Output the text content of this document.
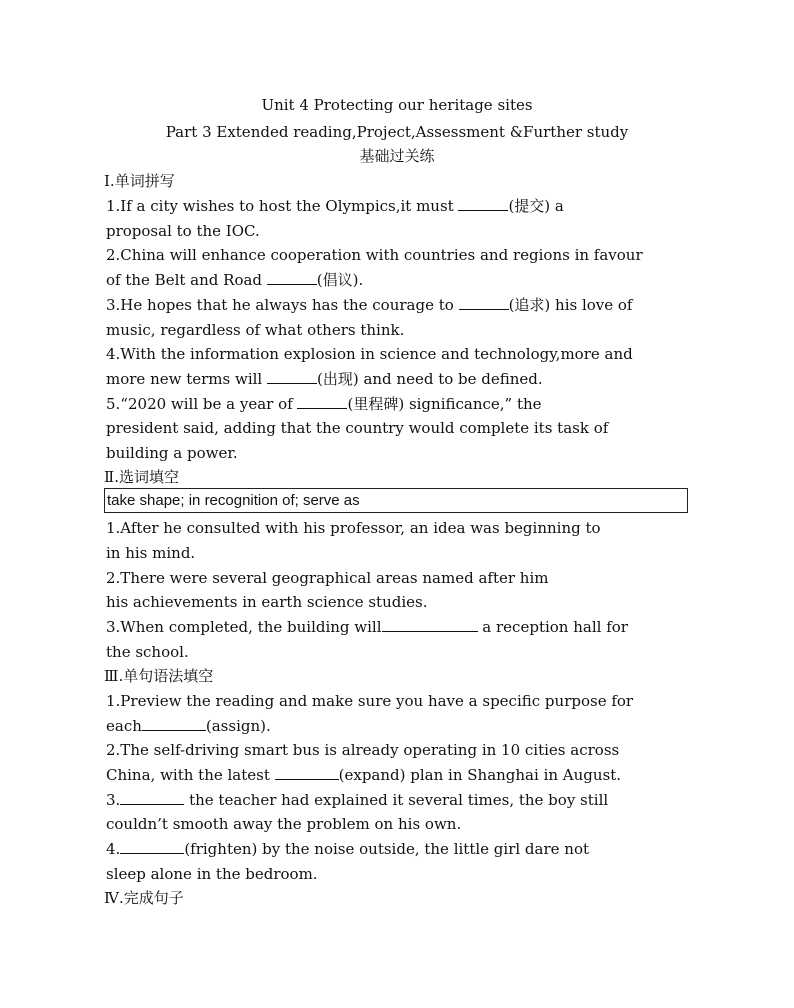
Unit 4 Protecting our heritage sites
Part 3 Extended reading,Project,Assessment &Further study
基础过关练
Ⅰ.单词拼写
1.If a city wishes to host the Olympics,it must	(提交) a
proposal to the IOC.
2.China will enhance cooperation with countries and regions in favour
of the Belt and Road	(倡议).
3.He hopes that he always has the courage to	(追求) his love of
music, regardless of what others think.
4.With the information explosion in science and technology,more and
more new terms will	(出现) and need to be defined.
5.“2020 will be a year of	(里程碑) significance,” the
president said, adding that the country would complete its task of
building a power.
Ⅱ.选词填空
take shape; in recognition of; serve as
1.After he consulted with his professor, an idea was beginning to
in his mind.
2.There were several geographical areas named after him
his achievements in earth science studies.
3.When completed, the building will	a reception hall for
the school.
Ⅲ.单句语法填空
1.Preview the reading and make sure you have a specific purpose for
each	(assign).
2.The self-driving smart bus is already operating in 10 cities across
China, with the latest	(expand) plan in Shanghai in August.
3.	the teacher had explained it several times, the boy still
couldn’t smooth away the problem on his own.
4.	(frighten) by the noise outside, the little girl dare not
sleep alone in the bedroom.
Ⅳ.完成句子
